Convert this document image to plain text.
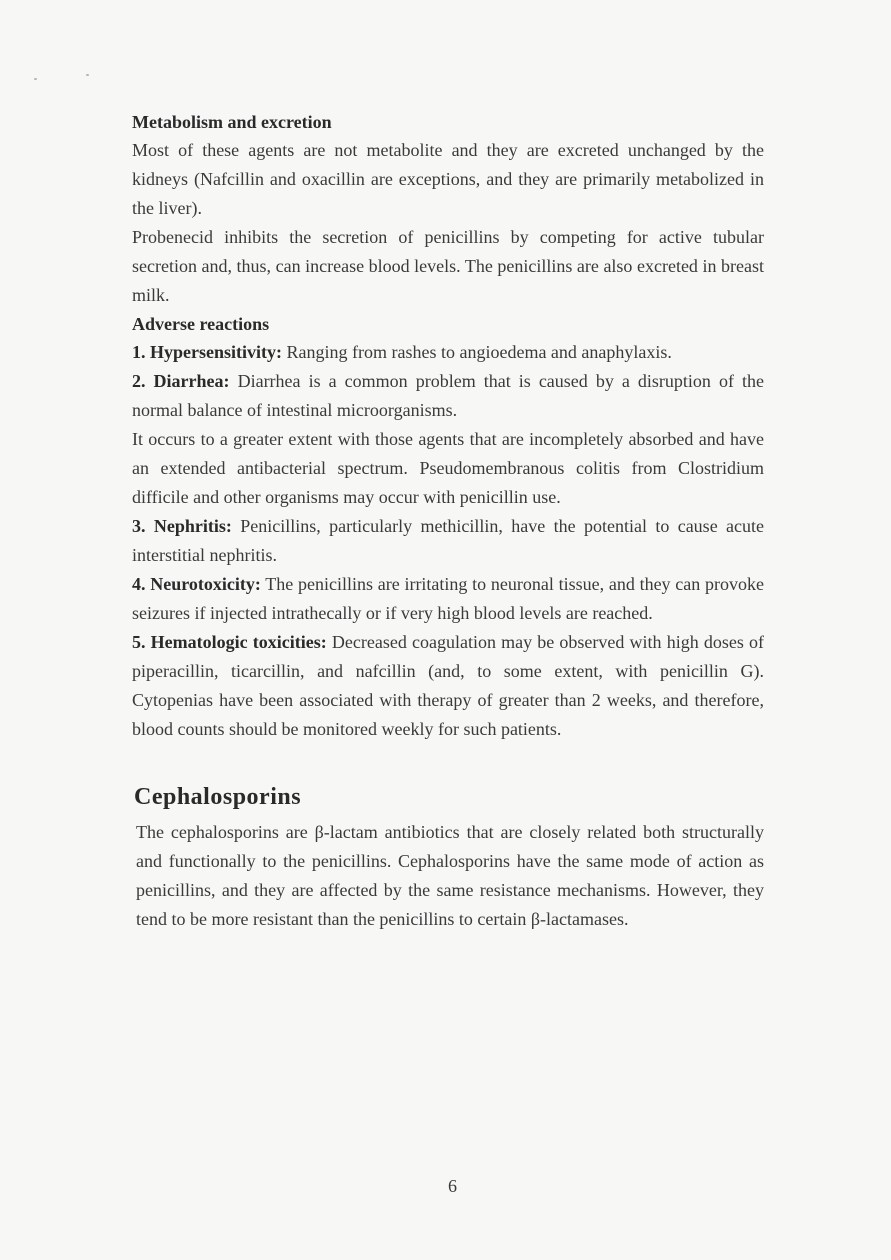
Metabolism and excretion

Most of these agents are not metabolite and they are excreted unchanged by the kidneys (Nafcillin and oxacillin are exceptions, and they are primarily metabolized in the liver).

Probenecid inhibits the secretion of penicillins by competing for active tubular secretion and, thus, can increase blood levels. The penicillins are also excreted in breast milk.

Adverse reactions

1. Hypersensitivity: Ranging from rashes to angioedema and anaphylaxis.

2. Diarrhea: Diarrhea is a common problem that is caused by a disruption of the normal balance of intestinal microorganisms.

It occurs to a greater extent with those agents that are incompletely absorbed and have an extended antibacterial spectrum. Pseudomembranous colitis from Clostridium difficile and other organisms may occur with penicillin use.

3. Nephritis: Penicillins, particularly methicillin, have the potential to cause acute interstitial nephritis.

4. Neurotoxicity: The penicillins are irritating to neuronal tissue, and they can provoke seizures if injected intrathecally or if very high blood levels are reached.

5. Hematologic toxicities: Decreased coagulation may be observed with high doses of piperacillin, ticarcillin, and nafcillin (and, to some extent, with penicillin G). Cytopenias have been associated with therapy of greater than 2 weeks, and therefore, blood counts should be monitored weekly for such patients.

Cephalosporins

The cephalosporins are β-lactam antibiotics that are closely related both structurally and functionally to the penicillins. Cephalosporins have the same mode of action as penicillins, and they are affected by the same resistance mechanisms. However, they tend to be more resistant than the penicillins to certain β-lactamases.

6
